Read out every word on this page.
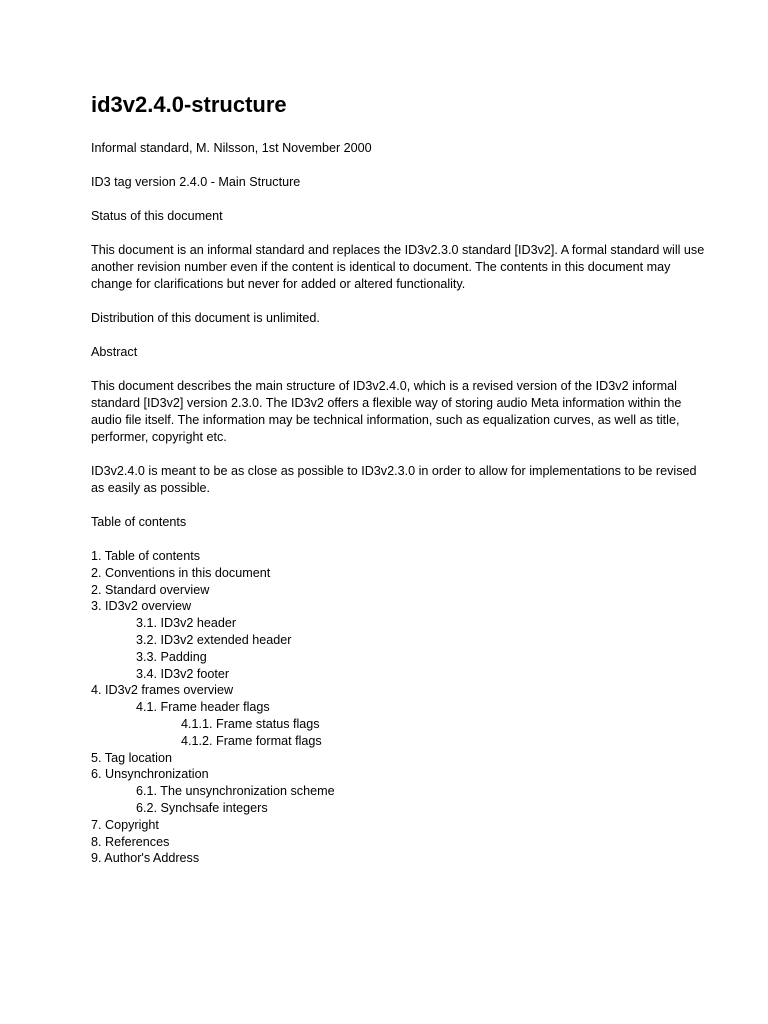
id3v2.4.0-structure

Informal standard, M. Nilsson, 1st November 2000

ID3 tag version 2.4.0 - Main Structure

Status of this document

This document is an informal standard and replaces the ID3v2.3.0 standard [ID3v2]. A formal standard will use another revision number even if the content is identical to document. The contents in this document may change for clarifications but never for added or altered functionality.

Distribution of this document is unlimited.

Abstract

This document describes the main structure of ID3v2.4.0, which is a revised version of the ID3v2 informal standard [ID3v2] version 2.3.0. The ID3v2 offers a flexible way of storing audio Meta information within the audio file itself. The information may be technical information, such as equalization curves, as well as title, performer, copyright etc.

ID3v2.4.0 is meant to be as close as possible to ID3v2.3.0 in order to allow for implementations to be revised as easily as possible.

Table of contents

1. Table of contents
2. Conventions in this document
2. Standard overview
3. ID3v2 overview
3.1. ID3v2 header
3.2. ID3v2 extended header
3.3. Padding
3.4. ID3v2 footer
4. ID3v2 frames overview
4.1. Frame header flags
4.1.1. Frame status flags
4.1.2. Frame format flags
5. Tag location
6. Unsynchronization
6.1. The unsynchronization scheme
6.2. Synchsafe integers
7. Copyright
8. References
9. Author's Address
